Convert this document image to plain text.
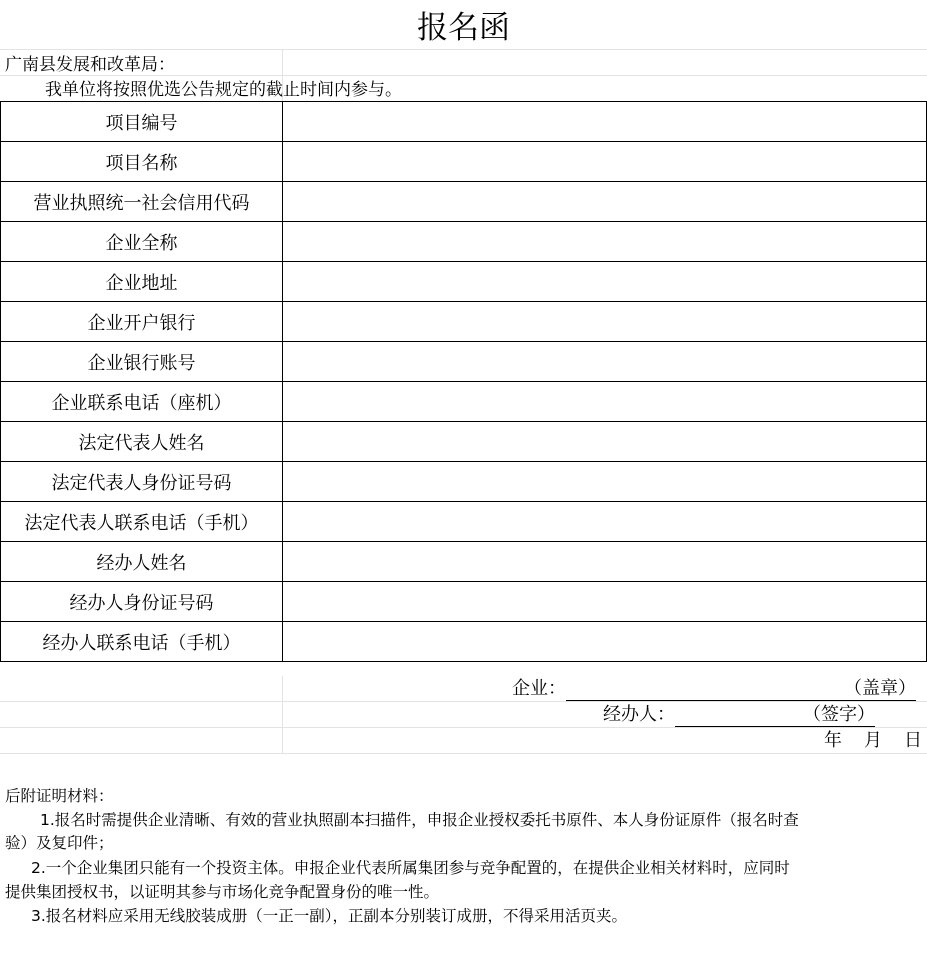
报名函
广南县发展和改革局：
我单位将按照优选公告规定的截止时间内参与。
项目编号	
项目名称	
营业执照统一社会信用代码	
企业全称	
企业地址	
企业开户银行	
企业银行账号	
企业联系电话（座机）	
法定代表人姓名	
法定代表人身份证号码	
法定代表人联系电话（手机）	
经办人姓名	
经办人身份证号码	
经办人联系电话（手机）	
企业：	（盖章）
经办人：	（签字）
年 月 日
后附证明材料：
1.报名时需提供企业清晰、有效的营业执照副本扫描件，申报企业授权委托书原件、本人身份证原件（报名时查
验）及复印件；
2.一个企业集团只能有一个投资主体。申报企业代表所属集团参与竞争配置的，在提供企业相关材料时，应同时
提供集团授权书，以证明其参与市场化竞争配置身份的唯一性。
3.报名材料应采用无线胶装成册（一正一副），正副本分别装订成册，不得采用活页夹。
